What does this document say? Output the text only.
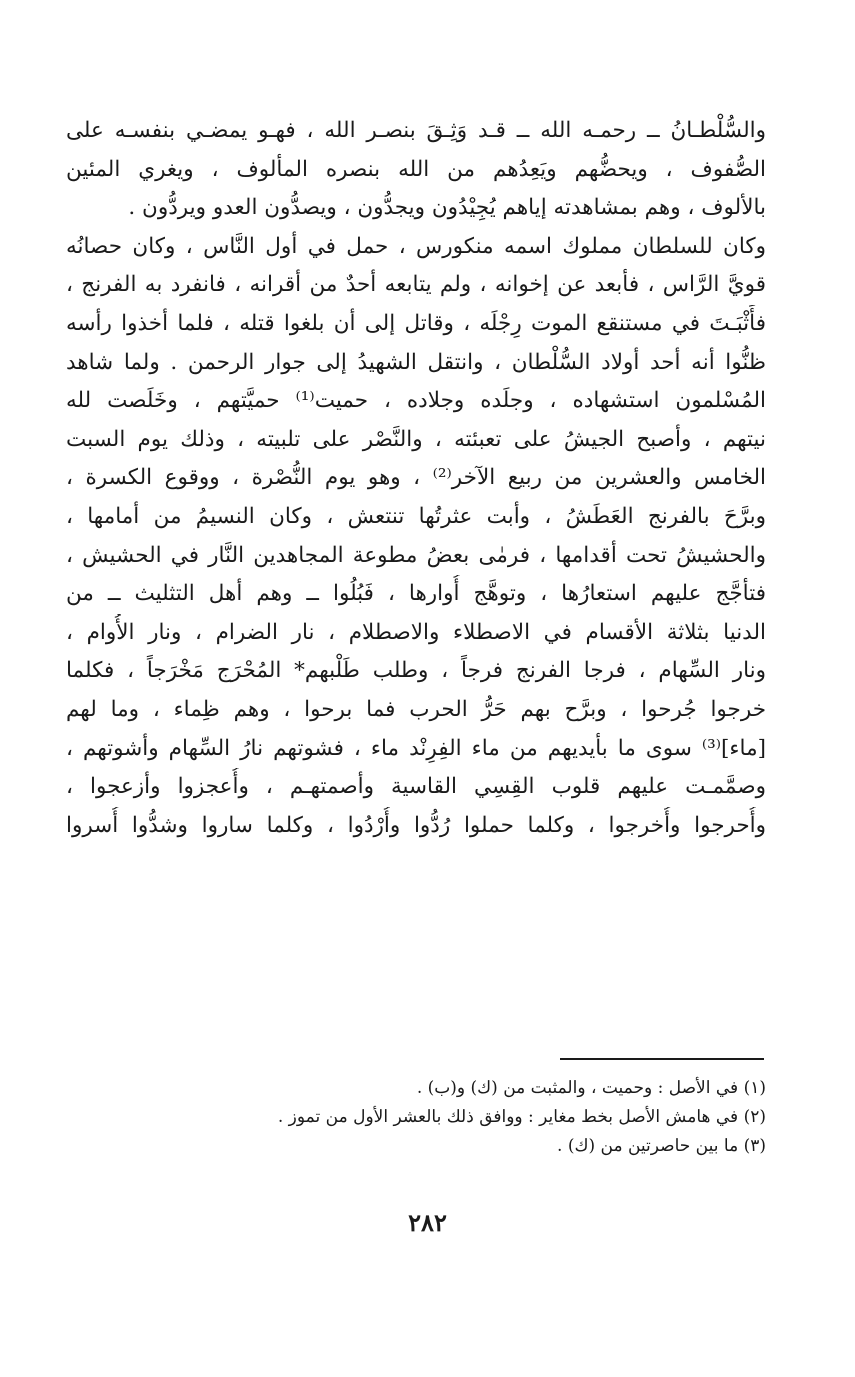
والسُّلْطـانُ ــ رحمـه الله ــ قـد وَثِـقَ بنصـر الله ، فهـو يمضـي بنفسـه على
الصُّفوف ، ويحضُّهم ويَعِدُهم من الله بنصره المألوف ، ويغري المئين
بالألوف ، وهم بمشاهدته إياهم يُجِيْدُون ويجدُّون ، ويصدُّون العدو ويردُّون .
وكان للسلطان مملوك اسمه منكورس ، حمل في أول النَّاس ، وكان حصانُه
قويَّ الرَّاس ، فأبعد عن إخوانه ، ولم يتابعه أحدٌ من أقرانه ، فانفرد به الفرنج ،
فأَثْبَـتَ في مستنقع الموت رِجْلَه ، وقاتل إلى أن بلغوا قتله ، فلما أخذوا رأسه
ظنُّوا أنه أحد أولاد السُّلْطان ، وانتقل الشهيدُ إلى جوار الرحمن . ولما شاهد
المُسْلمون استشهاده ، وجلَده وجلاده ، حميت⁽¹⁾ حميَّتهم ، وخَلَصت لله
نيتهم ، وأصبح الجيشُ على تعبئته ، والنَّصْر على تلبيته ، وذلك يوم السبت
الخامس والعشرين من ربيع الآخر⁽²⁾ ، وهو يوم النُّصْرة ، ووقوع الكسرة ،
وبرَّحَ بالفرنج العَطَشُ ، وأبت عثرتُها تنتعش ، وكان النسيمُ من أمامها ،
والحشيشُ تحت أقدامها ، فرمٰى بعضُ مطوعة المجاهدين النَّار في الحشيش ،
فتأجَّج عليهم استعارُها ، وتوهَّج أُوارها ، فَبُلُوا ــ وهم أهل التثليث ــ من
الدنيا بثلاثة الأقسام في الاصطلاء والاصطلام ، نار الضرام ، ونار الأُوام ،
ونار السِّهام ، فرجا الفرنج فرجاً ، وطلب طَلْبهم* المُحْرَج مَخْرَجاً ، فكلما
خرجوا جُرحوا ، وبرَّح بهم حَرُّ الحرب فما برحوا ، وهم ظِماء ، وما لهم
[ماء]⁽³⁾ سوى ما بأيديهم من ماء الفِرِنْد ماء ، فشوتهم نارُ السِّهام وأشوتهم ،
وصمَّمـت عليهم قلوب القِسِي القاسية وأصمتهـم ، وأُعجزوا وأزعجوا ،
وأُحرجوا وأُخرجوا ، وكلما حملوا رُدُّوا وأُرْدُوا ، وكلما ساروا وشدُّوا أُسروا
(١) في الأصل : وحميت ، والمثبت من (ك) و(ب) .
(٢) في هامش الأصل بخط مغاير : ووافق ذلك بالعشر الأول من تموز .
(٣) ما بين حاصرتين من (ك) .
٢٨٢
